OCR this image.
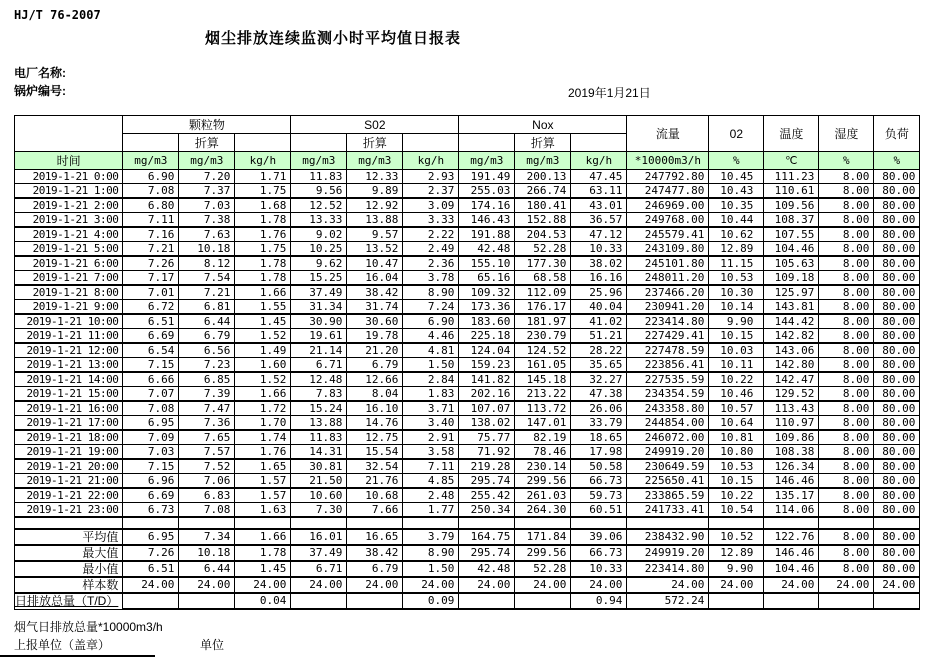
HJ/T 76-2007
烟尘排放连续监测小时平均值日报表
电厂名称:
锅炉编号:	2019年1月21日
	颗粒物			S02			Nox			流量	02	温度	湿度	负荷
		折算			折算			折算						
时间	mg/m3	mg/m3	kg/h	mg/m3	mg/m3	kg/h	mg/m3	mg/m3	kg/h	*10000m3/h	%	℃	%	%
2019-1-21 0:00	6.90	7.20	1.71	11.83	12.33	2.93	191.49	200.13	47.45	247792.80	10.45	111.23	8.00	80.00
2019-1-21 1:00	7.08	7.37	1.75	9.56	9.89	2.37	255.03	266.74	63.11	247477.80	10.43	110.61	8.00	80.00
2019-1-21 2:00	6.80	7.03	1.68	12.52	12.92	3.09	174.16	180.41	43.01	246969.00	10.35	109.56	8.00	80.00
2019-1-21 3:00	7.11	7.38	1.78	13.33	13.88	3.33	146.43	152.88	36.57	249768.00	10.44	108.37	8.00	80.00
2019-1-21 4:00	7.16	7.63	1.76	9.02	9.57	2.22	191.88	204.53	47.12	245579.41	10.62	107.55	8.00	80.00
2019-1-21 5:00	7.21	10.18	1.75	10.25	13.52	2.49	42.48	52.28	10.33	243109.80	12.89	104.46	8.00	80.00
2019-1-21 6:00	7.26	8.12	1.78	9.62	10.47	2.36	155.10	177.30	38.02	245101.80	11.15	105.63	8.00	80.00
2019-1-21 7:00	7.17	7.54	1.78	15.25	16.04	3.78	65.16	68.58	16.16	248011.20	10.53	109.18	8.00	80.00
2019-1-21 8:00	7.01	7.21	1.66	37.49	38.42	8.90	109.32	112.09	25.96	237466.20	10.30	125.97	8.00	80.00
2019-1-21 9:00	6.72	6.81	1.55	31.34	31.74	7.24	173.36	176.17	40.04	230941.20	10.14	143.81	8.00	80.00
2019-1-21 10:00	6.51	6.44	1.45	30.90	30.60	6.90	183.60	181.97	41.02	223414.80	9.90	144.42	8.00	80.00
2019-1-21 11:00	6.69	6.79	1.52	19.61	19.78	4.46	225.18	230.79	51.21	227429.41	10.15	142.82	8.00	80.00
2019-1-21 12:00	6.54	6.56	1.49	21.14	21.20	4.81	124.04	124.52	28.22	227478.59	10.03	143.06	8.00	80.00
2019-1-21 13:00	7.15	7.23	1.60	6.71	6.79	1.50	159.23	161.05	35.65	223856.41	10.11	142.80	8.00	80.00
2019-1-21 14:00	6.66	6.85	1.52	12.48	12.66	2.84	141.82	145.18	32.27	227535.59	10.22	142.47	8.00	80.00
2019-1-21 15:00	7.07	7.39	1.66	7.83	8.04	1.83	202.16	213.22	47.38	234354.59	10.46	129.52	8.00	80.00
2019-1-21 16:00	7.08	7.47	1.72	15.24	16.10	3.71	107.07	113.72	26.06	243358.80	10.57	113.43	8.00	80.00
2019-1-21 17:00	6.95	7.36	1.70	13.88	14.76	3.40	138.02	147.01	33.79	244854.00	10.64	110.97	8.00	80.00
2019-1-21 18:00	7.09	7.65	1.74	11.83	12.75	2.91	75.77	82.19	18.65	246072.00	10.81	109.86	8.00	80.00
2019-1-21 19:00	7.03	7.57	1.76	14.31	15.54	3.58	71.92	78.46	17.98	249919.20	10.80	108.38	8.00	80.00
2019-1-21 20:00	7.15	7.52	1.65	30.81	32.54	7.11	219.28	230.14	50.58	230649.59	10.53	126.34	8.00	80.00
2019-1-21 21:00	6.96	7.06	1.57	21.50	21.76	4.85	295.74	299.56	66.73	225650.41	10.15	146.46	8.00	80.00
2019-1-21 22:00	6.69	6.83	1.57	10.60	10.68	2.48	255.42	261.03	59.73	233865.59	10.22	135.17	8.00	80.00
2019-1-21 23:00	6.73	7.08	1.63	7.30	7.66	1.77	250.34	264.30	60.51	241733.41	10.54	114.06	8.00	80.00

平均值	6.95	7.34	1.66	16.01	16.65	3.79	164.75	171.84	39.06	238432.90	10.52	122.76	8.00	80.00
最大值	7.26	10.18	1.78	37.49	38.42	8.90	295.74	299.56	66.73	249919.20	12.89	146.46	8.00	80.00
最小值	6.51	6.44	1.45	6.71	6.79	1.50	42.48	52.28	10.33	223414.80	9.90	104.46	8.00	80.00
样本数	24.00	24.00	24.00	24.00	24.00	24.00	24.00	24.00	24.00	24.00	24.00	24.00	24.00	24.00
日排放总量（T/D）			0.04			0.09			0.94	572.24				
烟气日排放总量*10000m3/h
上报单位（盖章）	单位
